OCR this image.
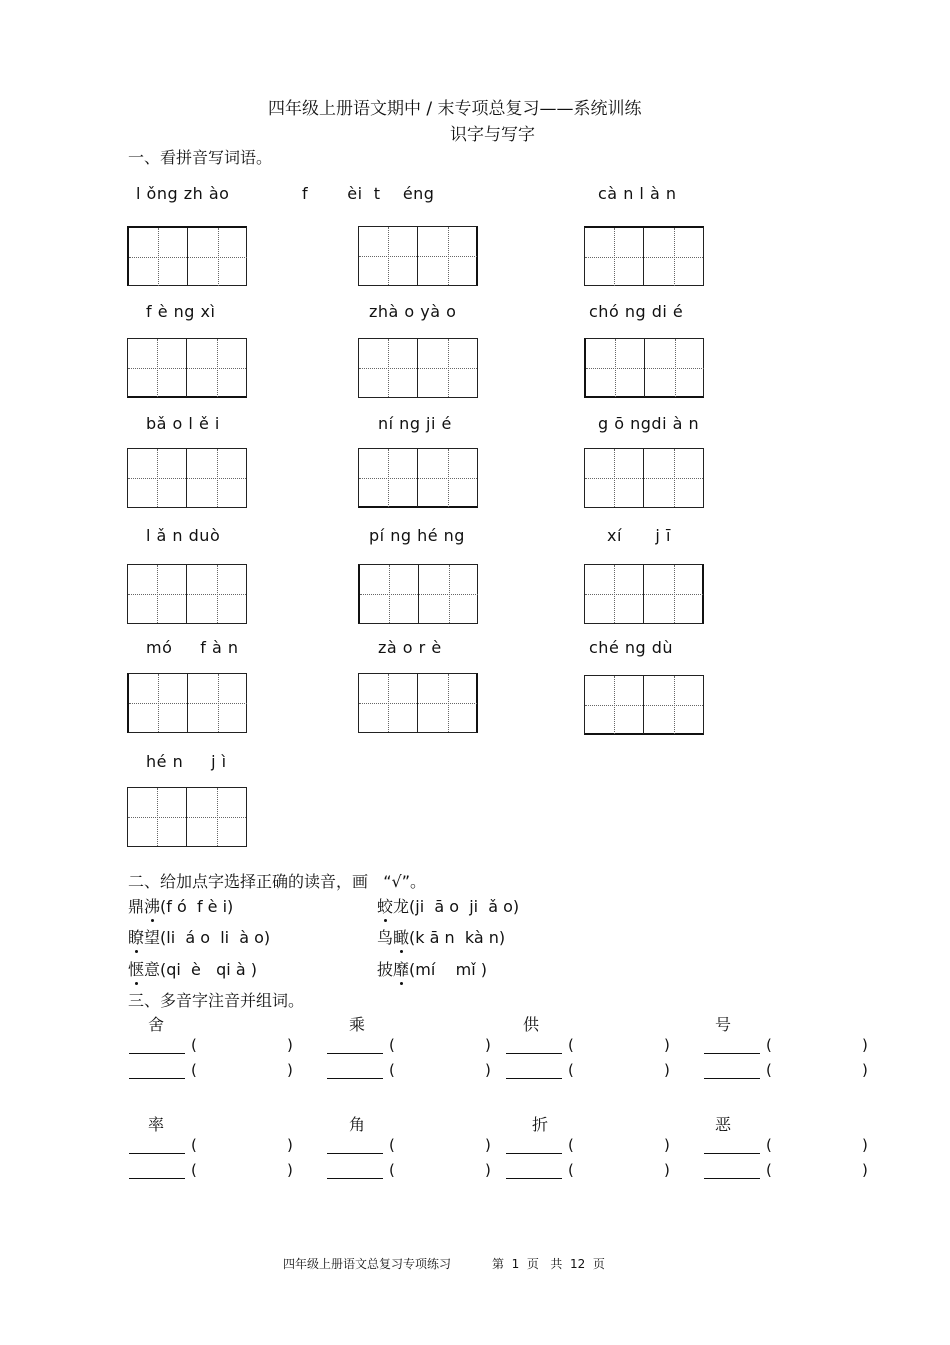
四年级上册语文期中 / 末专项总复习——系统训练
识字与写字
一、看拼音写词语。
l ǒng zh ào	f       èi  t    éng	cà n l à n
f è ng xì	zhà o yà o	chó ng di é
bǎ o l ě i	ní ng ji é	g ō ngdi à n
l ǎ n duò	pí ng hé ng	xí      j ī
mó     f à n	zà o r è	ché ng dù
hé n     j ì
二、给加点字选择正确的读音，画   “√”。
鼎沸(f ó  f è i)	蛟龙(ji  ā o  ji  ǎ o)
瞭望(li  á o  li  à o)	鸟瞰(k ā n  kà n)
惬意(qi  è   qi à )	披靡(mí    mǐ )
三、多音字注音并组词。
舍	乘	供	号
(	)	(	)	(	)	(	)
(	)	(	)	(	)	(	)
率	角	折	恶
(	)	(	)	(	)	(	)
(	)	(	)	(	)	(	)
四年级上册语文总复习专项练习	第  1  页   共  12  页
